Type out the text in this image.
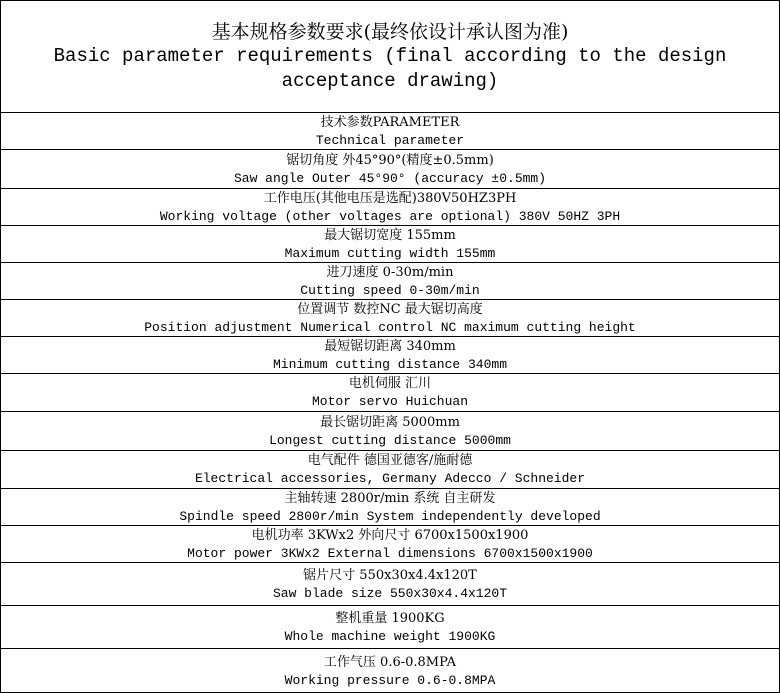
基本规格参数要求(最终依设计承认图为准)
Basic parameter requirements (final according to the design acceptance drawing)
技术参数PARAMETER
Technical parameter
锯切角度 外45°90°(精度±0.5mm)
Saw angle Outer 45°90° (accuracy ±0.5mm)
工作电压(其他电压是选配)380V50HZ3PH
Working voltage (other voltages are optional) 380V 50HZ 3PH
最大锯切宽度 155mm
Maximum cutting width 155mm
进刀速度 0-30m/min
Cutting speed 0-30m/min
位置调节 数控NC 最大锯切高度
Position adjustment Numerical control NC maximum cutting height
最短锯切距离 340mm
Minimum cutting distance 340mm
电机伺服 汇川
Motor servo Huichuan
最长锯切距离 5000mm
Longest cutting distance 5000mm
电气配件 德国亚德客/施耐德
Electrical accessories, Germany Adecco / Schneider
主轴转速 2800r/min 系统 自主研发
Spindle speed 2800r/min System independently developed
电机功率 3KWx2 外向尺寸 6700x1500x1900
Motor power 3KWx2 External dimensions 6700x1500x1900
锯片尺寸 550x30x4.4x120T
Saw blade size 550x30x4.4x120T
整机重量 1900KG
Whole machine weight 1900KG
工作气压 0.6-0.8MPA
Working pressure 0.6-0.8MPA
